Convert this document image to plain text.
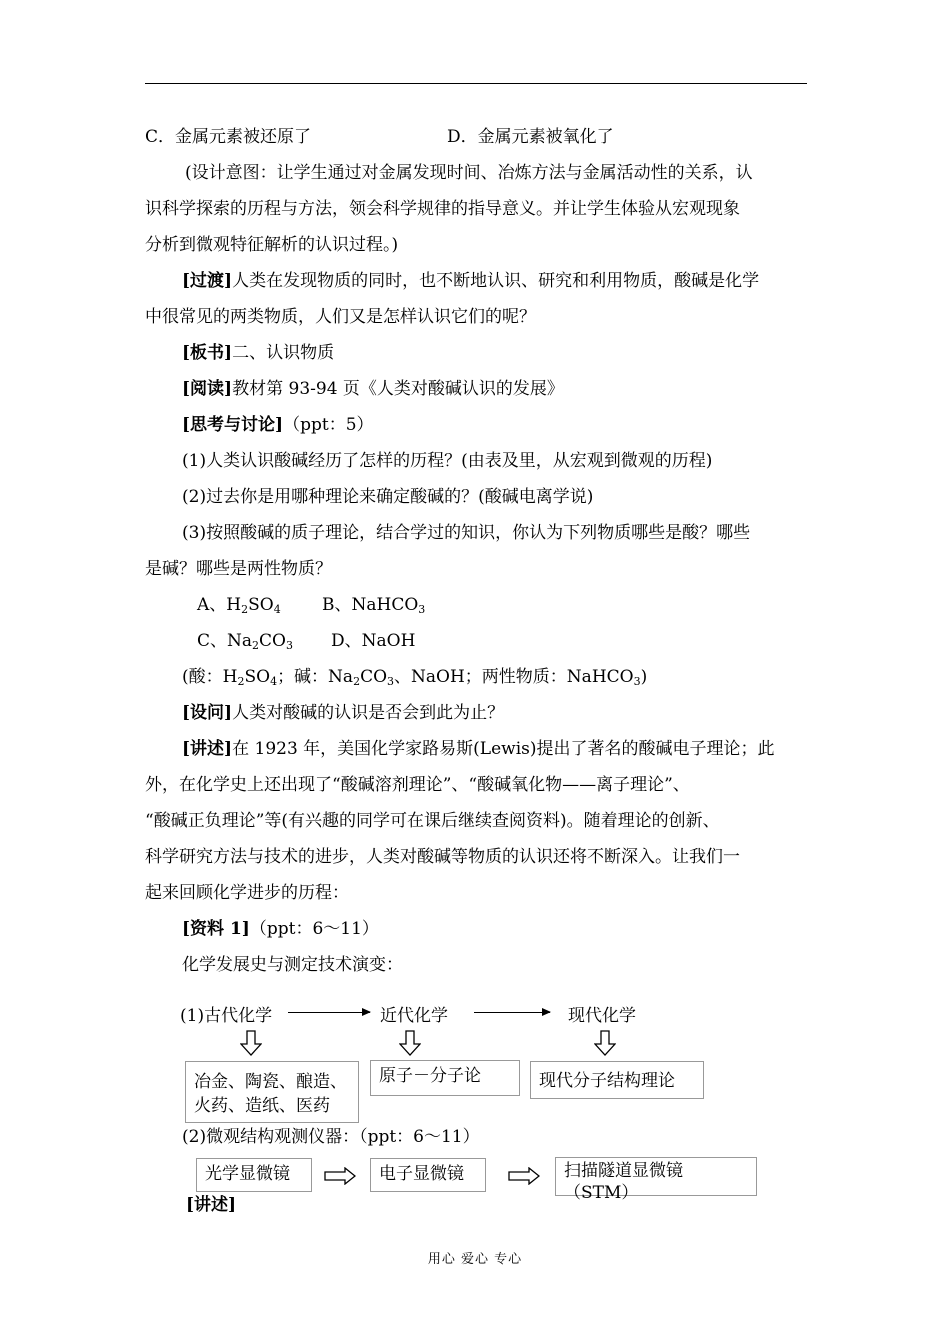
C．金属元素被还原了	D．金属元素被氧化了
(设计意图：让学生通过对金属发现时间、冶炼方法与金属活动性的关系，认
识科学探索的历程与方法，领会科学规律的指导意义。并让学生体验从宏观现象
分析到微观特征解析的认识过程。)
[过渡]人类在发现物质的同时，也不断地认识、研究和利用物质，酸碱是化学
中很常见的两类物质，人们又是怎样认识它们的呢？
[板书]二、认识物质
[阅读]教材第 93-94 页《人类对酸碱认识的发展》
[思考与讨论]（ppt：5）
(1)人类认识酸碱经历了怎样的历程？(由表及里，从宏观到微观的历程)
(2)过去你是用哪种理论来确定酸碱的？(酸碱电离学说)
(3)按照酸碱的质子理论，结合学过的知识，你认为下列物质哪些是酸？哪些
是碱？哪些是两性物质？
A、$H_2SO_4$ B、NaHCO$_3$
C、$Na_2CO_3$ D、NaOH
(酸：$H_2SO_4$；碱：$Na_2CO_3$、NaOH；两性物质：NaHCO$_3$)
[设问]人类对酸碱的认识是否会到此为止？
[讲述]在 1923 年，美国化学家路易斯(Lewis)提出了著名的酸碱电子理论；此
外，在化学史上还出现了“酸碱溶剂理论”、“酸碱氧化物——离子理论”、
“酸碱正负理论”等(有兴趣的同学可在课后继续查阅资料)。随着理论的创新、
科学研究方法与技术的进步，人类对酸碱等物质的认识还将不断深入。让我们一
起来回顾化学进步的历程：
[资料 1]（ppt：6～11）
化学发展史与测定技术演变：
(1)古代化学	近代化学	现代化学
冶金、陶瓷、酿造、
火药、造纸、医药
原子－分子论	现代分子结构理论
(2)微观结构观测仪器：（ppt：6～11）
光学显微镜	电子显微镜	扫描隧道显微镜（STM）
[讲述]
用心 爱心 专心
